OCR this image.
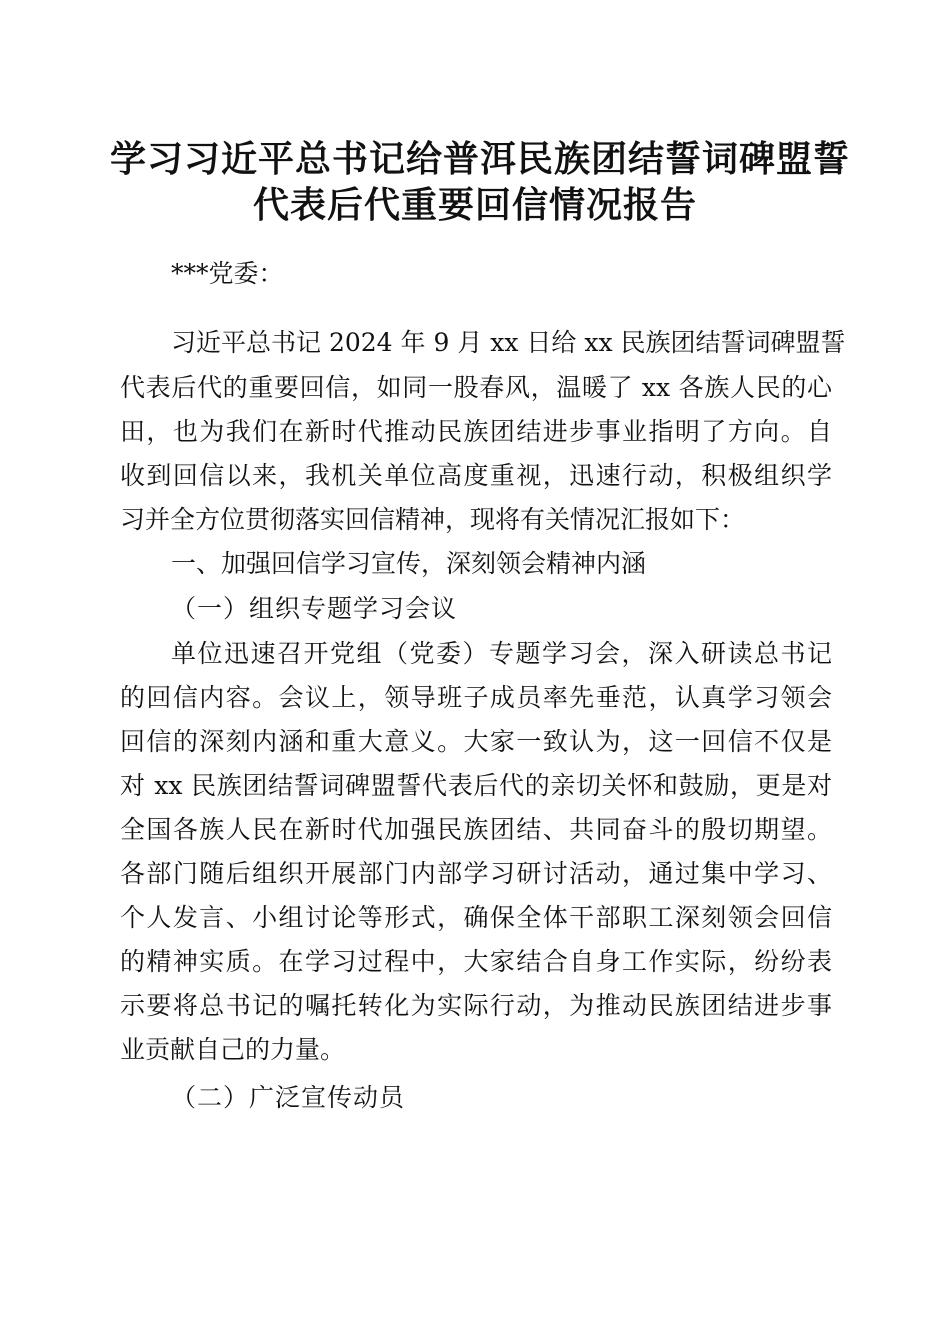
学习习近平总书记给普洱民族团结誓词碑盟誓
代表后代重要回信情况报告
***党委：
习近平总书记 2024 年 9 月 xx 日给 xx 民族团结誓词碑盟誓
代表后代的重要回信，如同一股春风，温暖了 xx 各族人民的心
田，也为我们在新时代推动民族团结进步事业指明了方向。自
收到回信以来，我机关单位高度重视，迅速行动，积极组织学
习并全方位贯彻落实回信精神，现将有关情况汇报如下：
一、加强回信学习宣传，深刻领会精神内涵
（一）组织专题学习会议
单位迅速召开党组（党委）专题学习会，深入研读总书记
的回信内容。会议上，领导班子成员率先垂范，认真学习领会
回信的深刻内涵和重大意义。大家一致认为，这一回信不仅是
对 xx 民族团结誓词碑盟誓代表后代的亲切关怀和鼓励，更是对
全国各族人民在新时代加强民族团结、共同奋斗的殷切期望。
各部门随后组织开展部门内部学习研讨活动，通过集中学习、
个人发言、小组讨论等形式，确保全体干部职工深刻领会回信
的精神实质。在学习过程中，大家结合自身工作实际，纷纷表
示要将总书记的嘱托转化为实际行动，为推动民族团结进步事
业贡献自己的力量。
（二）广泛宣传动员
